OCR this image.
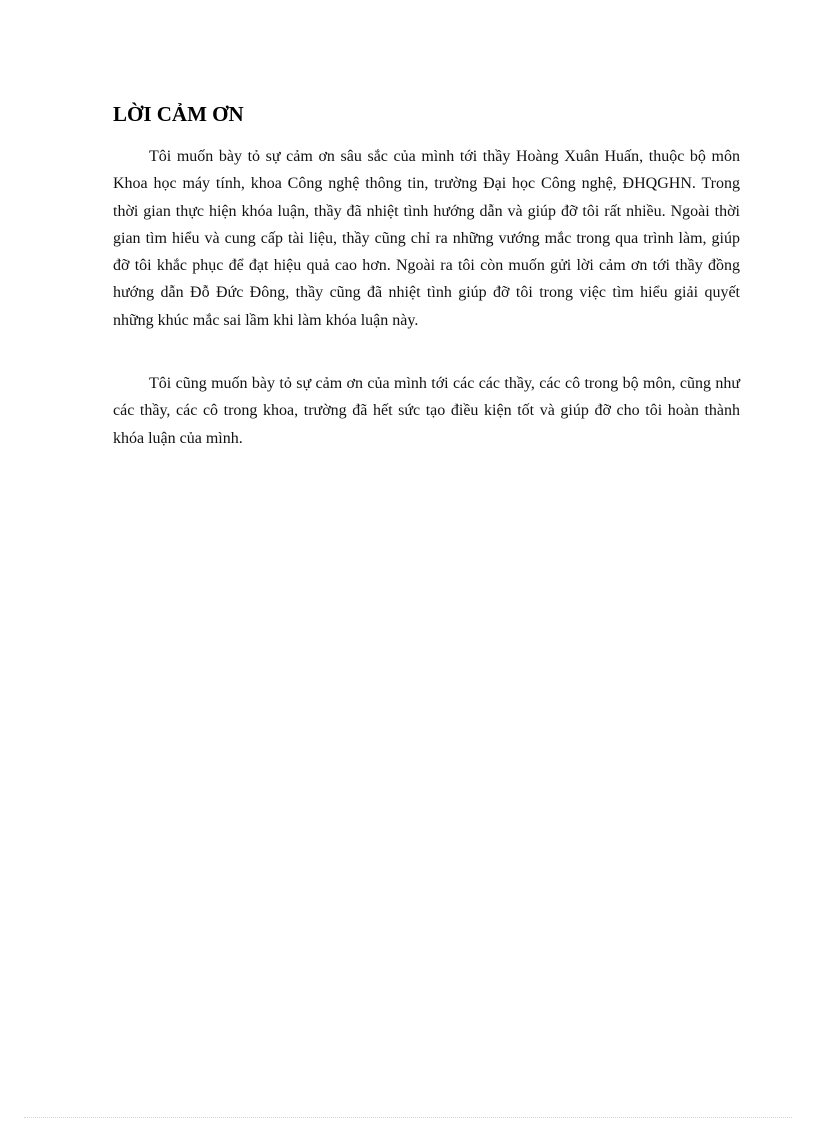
LỜI CẢM ƠN

Tôi muốn bày tỏ sự cảm ơn sâu sắc của mình tới thầy Hoàng Xuân Huấn, thuộc bộ môn Khoa học máy tính, khoa Công nghệ thông tin, trường Đại học Công nghệ, ĐHQGHN. Trong thời gian thực hiện khóa luận, thầy đã nhiệt tình hướng dẫn và giúp đỡ tôi rất nhiều. Ngoài thời gian tìm hiểu và cung cấp tài liệu, thầy cũng chỉ ra những vướng mắc trong qua trình làm, giúp đỡ tôi khắc phục để đạt hiệu quả cao hơn. Ngoài ra tôi còn muốn gửi lời cảm ơn tới thầy đồng hướng dẫn Đỗ Đức Đông, thầy cũng đã nhiệt tình giúp đỡ tôi trong việc tìm hiểu giải quyết những khúc mắc sai lầm khi làm khóa luận này.

Tôi cũng muốn bày tỏ sự cảm ơn của mình tới các các thầy, các cô trong bộ môn, cũng như các thầy, các cô trong khoa, trường đã hết sức tạo điều kiện tốt và giúp đỡ cho tôi hoàn thành khóa luận của mình.
